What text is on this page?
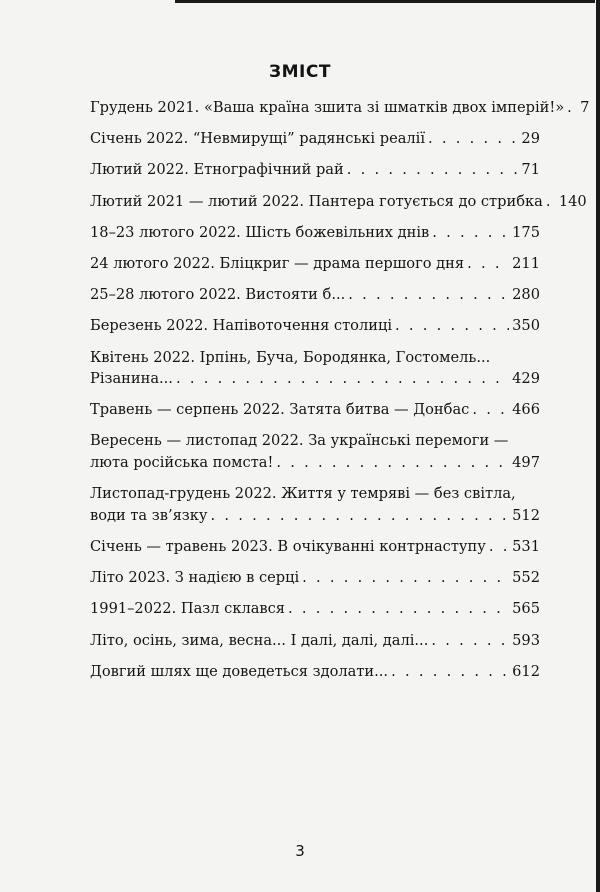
ЗМІСТ
Грудень 2021. «Ваша країна зшита зі шматків двох імперій!» . . . 7
Січень 2022. “Невмирущі” радянські реалії . . .	29
Лютий 2022. Етнографічний рай . . .	71
Лютий 2021 — лютий 2022. Пантера готується до стрибка . . . 140
18–23 лютого 2022. Шість божевільних днів . . .	175
24 лютого 2022. Бліцкриг — драма першого дня . . .	211
25–28 лютого 2022. Вистояти б... . . .	280
Березень 2022. Напівоточення столиці . . .	350
Квітень 2022. Ірпінь, Буча, Бородянка, Гостомель...
Різанина... . . .	429
Травень — серпень 2022. Затята битва — Донбас . . .	466
Вересень — листопад 2022. За українські перемоги —
люта російська помста! . . .	497
Листопад-грудень 2022. Життя у темряві — без світла,
води та зв’язку . . .	512
Січень — травень 2023. В очікуванні контрнаступу . . . 531
Літо 2023. З надією в серці . . .	552
1991–2022. Пазл склався . . .	565
Літо, осінь, зима, весна... І далі, далі, далі... . . .	593
Довгий шлях ще доведеться здолати... . . .	612
3
